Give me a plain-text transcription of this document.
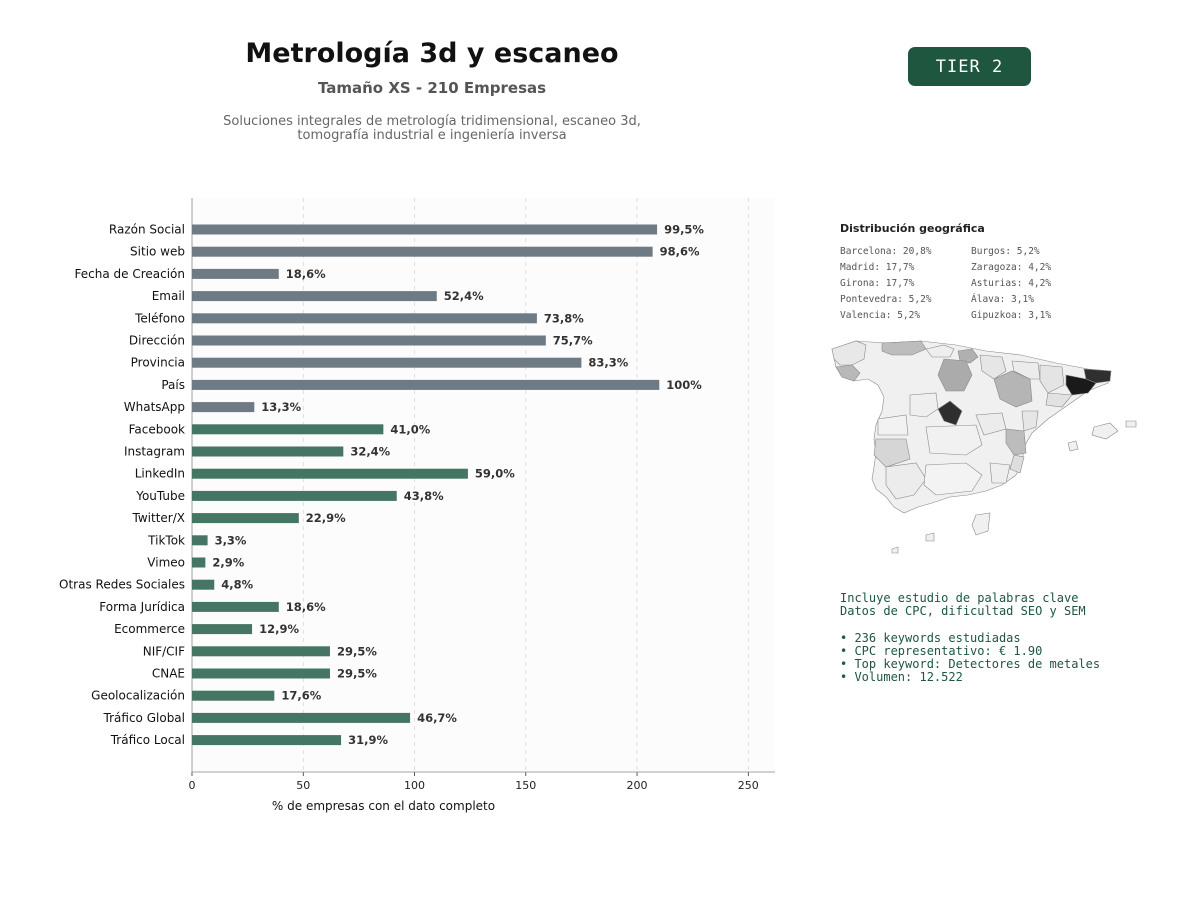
Metrología 3d y escaneo
Tamaño XS - 210 Empresas
Soluciones integrales de metrología tridimensional, escaneo 3d,
tomografía industrial e ingeniería inversa
TIER 2
0	50	100	150	200	250
Razón Social	99,5%
Sitio web	98,6%
Fecha de Creación	18,6%
Email	52,4%
Teléfono	73,8%
Dirección	75,7%
Provincia	83,3%
País	100%
WhatsApp	13,3%
Facebook	41,0%
Instagram	32,4%
LinkedIn	59,0%
YouTube	43,8%
Twitter/X	22,9%
TikTok	3,3%
Vimeo 2,9%
Otras Redes Sociales	4,8%
Forma Jurídica	18,6%
Ecommerce	12,9%
NIF/CIF	29,5%
CNAE	29,5%
Geolocalización	17,6%
Tráfico Global	46,7%
Tráfico Local	31,9%
% de empresas con el dato completo
Distribución geográfica
Barcelona: 20,8%
Madrid: 17,7%
Girona: 17,7%
Pontevedra: 5,2%
Valencia: 5,2%
Burgos: 5,2%
Zaragoza: 4,2%
Asturias: 4,2%
Álava: 3,1%
Gipuzkoa: 3,1%
Incluye estudio de palabras clave
Datos de CPC, dificultad SEO y SEM
• 236 keywords estudiadas
• CPC representativo: € 1.90
• Top keyword: Detectores de metales
• Volumen: 12.522
